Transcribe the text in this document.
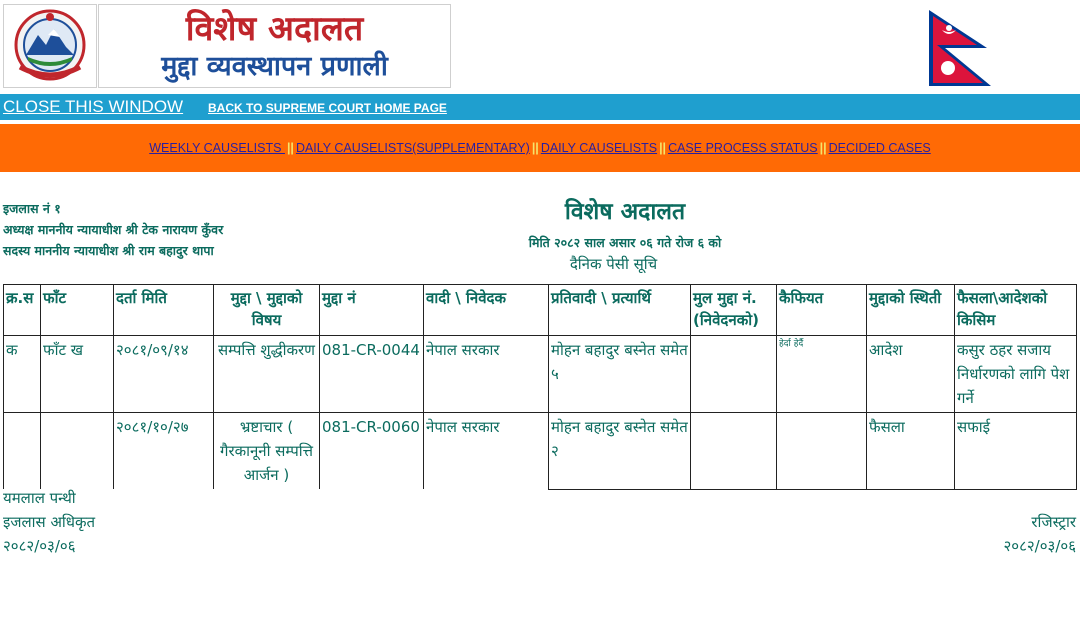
विशेष अदालत
मुद्दा व्यवस्थापन प्रणाली
CLOSE THIS WINDOW BACK TO SUPREME COURT HOME PAGE
WEEKLY CAUSELISTS || DAILY CAUSELISTS(SUPPLEMENTARY) || DAILY CAUSELISTS || CASE PROCESS STATUS || DECIDED CASES
इजलास नं १
अध्यक्ष माननीय न्यायाधीश श्री टेक नारायण कुँवर
सदस्य माननीय न्यायाधीश श्री राम बहादुर थापा
विशेष अदालत
मिति २०८२ साल असार ०६ गते रोज ६ को
दैनिक पेसी सूचि
क्र.स	फाँट	दर्ता मिति	मुद्दा \ मुद्दाको विषय	मुद्दा नं	वादी \ निवेदक	प्रतिवादी \ प्रत्यार्थि	मुल मुद्दा नं.(निवेदनको)	कैफियत	मुद्दाको स्थिती	फैसला\आदेशको किसिम
क	फाँट ख	२०८१/०९/१४	सम्पत्ति शुद्धीकरण	081-CR-0044	नेपाल सरकार	मोहन बहादुर बस्नेत समेत ५		हेर्दा हेर्दै	आदेश	कसुर ठहर सजाय निर्धारणको लागि पेश गर्ने
		२०८१/१०/२७	भ्रष्टाचार ( गैरकानूनी सम्पत्ति आर्जन )	081-CR-0060	नेपाल सरकार	मोहन बहादुर बस्नेत समेत २			फैसला	सफाई
यमलाल पन्थी
इजलास अधिकृत
२०८२/०३/०६
रजिस्ट्रार
२०८२/०३/०६
